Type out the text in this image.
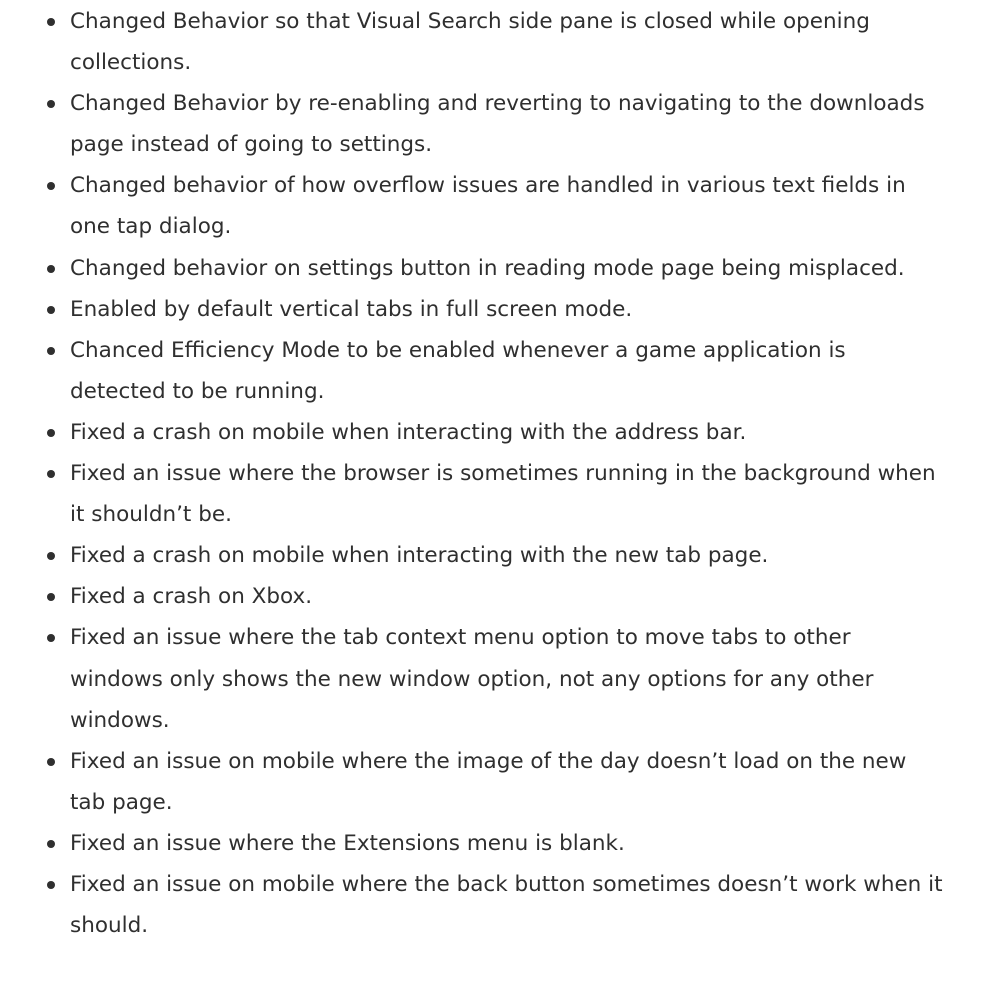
Changed Behavior so that Visual Search side pane is closed while opening collections.
Changed Behavior by re-enabling and reverting to navigating to the downloads page instead of going to settings.
Changed behavior of how overflow issues are handled in various text fields in one tap dialog.
Changed behavior on settings button in reading mode page being misplaced.
Enabled by default vertical tabs in full screen mode.
Chanced Efficiency Mode to be enabled whenever a game application is detected to be running.
Fixed a crash on mobile when interacting with the address bar.
Fixed an issue where the browser is sometimes running in the background when it shouldn’t be.
Fixed a crash on mobile when interacting with the new tab page.
Fixed a crash on Xbox.
Fixed an issue where the tab context menu option to move tabs to other windows only shows the new window option, not any options for any other windows.
Fixed an issue on mobile where the image of the day doesn’t load on the new tab page.
Fixed an issue where the Extensions menu is blank.
Fixed an issue on mobile where the back button sometimes doesn’t work when it should.
